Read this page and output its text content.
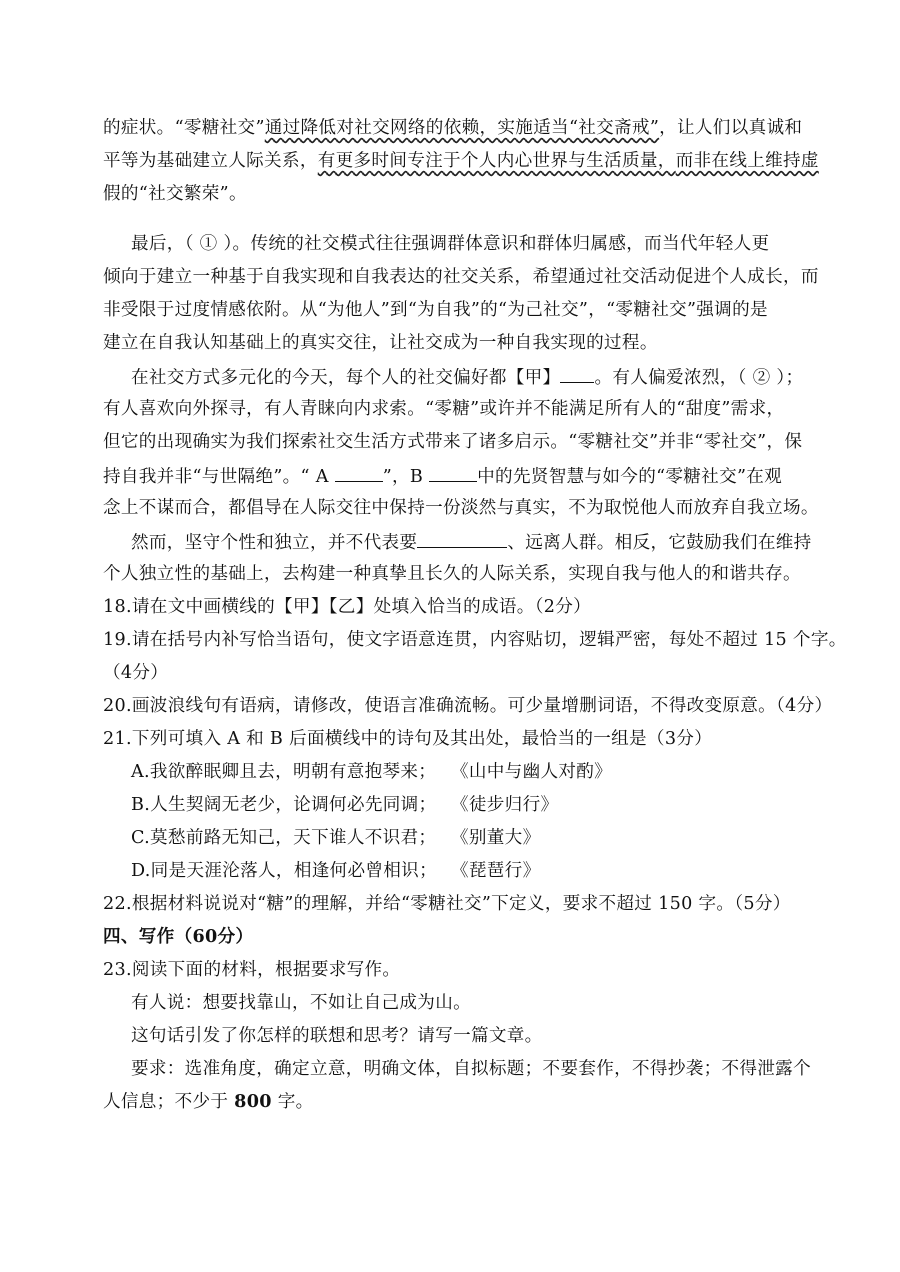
的症状。“零糖社交”通过降低对社交网络的依赖，实施适当“社交斋戒”，让人们以真诚和
平等为基础建立人际关系，有更多时间专注于个人内心世界与生活质量，而非在线上维持虚
假的“社交繁荣”。
最后，（ ① ）。传统的社交模式往往强调群体意识和群体归属感，而当代年轻人更
倾向于建立一种基于自我实现和自我表达的社交关系，希望通过社交活动促进个人成长，而
非受限于过度情感依附。从“为他人”到“为自我”的“为己社交”，“零糖社交”强调的是
建立在自我认知基础上的真实交往，让社交成为一种自我实现的过程。
在社交方式多元化的今天，每个人的社交偏好都【甲】 。有人偏爱浓烈，（ ② ）；
有人喜欢向外探寻，有人青睐向内求索。“零糖”或许并不能满足所有人的“甜度”需求，
但它的出现确实为我们探索社交生活方式带来了诸多启示。“零糖社交”并非“零社交”，保
持自我并非“与世隔绝”。“ A	”，B	中的先贤智慧与如今的“零糖社交”在观
念上不谋而合，都倡导在人际交往中保持一份淡然与真实，不为取悦他人而放弃自我立场。
然而，坚守个性和独立，并不代表要	、远离人群。相反，它鼓励我们在维持
个人独立性的基础上，去构建一种真挚且长久的人际关系，实现自我与他人的和谐共存。
18.请在文中画横线的【甲】【乙】处填入恰当的成语。（2分）
19.请在括号内补写恰当语句，使文字语意连贯，内容贴切，逻辑严密，每处不超过 15 个字。
（4分）
20.画波浪线句有语病，请修改，使语言准确流畅。可少量增删词语，不得改变原意。（4分）
21.下列可填入 A 和 B 后面横线中的诗句及其出处，最恰当的一组是（3分）
A.我欲醉眠卿且去，明朝有意抱琴来； 《山中与幽人对酌》
B.人生契阔无老少，论调何必先同调； 《徒步归行》
C.莫愁前路无知己，天下谁人不识君； 《别董大》
D.同是天涯沦落人，相逢何必曾相识； 《琵琶行》
22.根据材料说说对“糖”的理解，并给“零糖社交”下定义，要求不超过 150 字。（5分）
四、写作（60分）
23.阅读下面的材料，根据要求写作。
有人说：想要找靠山，不如让自己成为山。
这句话引发了你怎样的联想和思考？请写一篇文章。
要求：选准角度，确定立意，明确文体，自拟标题；不要套作，不得抄袭；不得泄露个
人信息；不少于 800 字。
